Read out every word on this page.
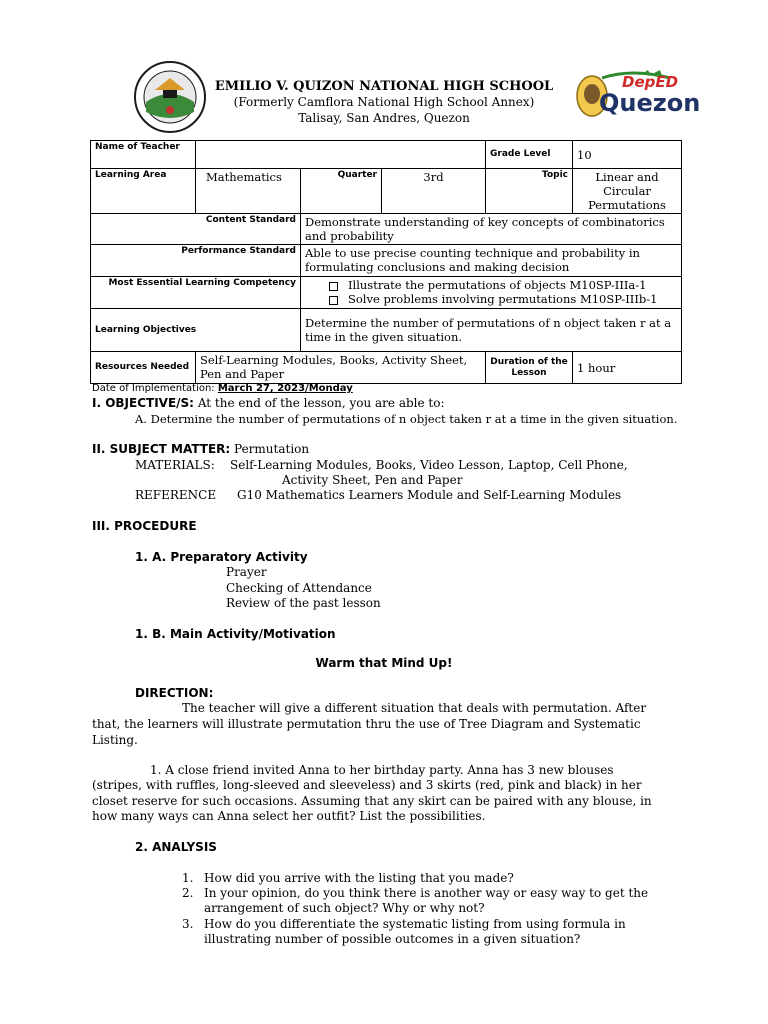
DepED
Quezon
EMILIO V. QUIZON NATIONAL HIGH SCHOOL
(Formerly Camflora National High School Annex)
Talisay, San Andres, Quezon
Name of Teacher				Grade Level	10
Learning Area	Mathematics	Quarter	3rd	Topic	Linear and Circular Permutations
Content Standard		Demonstrate understanding of key concepts of combinatorics and probability			
Performance Standard		Able to use precise counting technique and probability in formulating conclusions and making decision			
Most Essential Learning Competency		Illustrate the permutations of objects M10SP-IIIa-1
Solve problems involving permutations M10SP-IIIb-1			

Learning Objectives		Determine the number of permutations of n object taken r at a time in the given situation.			
Resources Needed	Self-Learning Modules, Books, Activity Sheet, Pen and Paper			Duration of the Lesson	1 hour
Date of Implementation: March 27, 2023/Monday
I. OBJECTIVE/S: At the end of the lesson, you are able to:
A. Determine the number of permutations of n object taken r at a time in the given situation.
II. SUBJECT MATTER: Permutation
MATERIALS: Self-Learning Modules, Books, Video Lesson, Laptop, Cell Phone,
Activity Sheet, Pen and Paper
REFERENCE G10 Mathematics Learners Module and Self-Learning Modules
III. PROCEDURE
1. A. Preparatory Activity
Prayer
Checking of Attendance
Review of the past lesson
1. B. Main Activity/Motivation
Warm that Mind Up!
DIRECTION:
The teacher will give a different situation that deals with permutation. After
that, the learners will illustrate permutation thru the use of Tree Diagram and Systematic
Listing.
1. A close friend invited Anna to her birthday party. Anna has 3 new blouses
(stripes, with ruffles, long-sleeved and sleeveless) and 3 skirts (red, pink and black) in her
closet reserve for such occasions. Assuming that any skirt can be paired with any blouse, in
how many ways can Anna select her outfit? List the possibilities.
2. ANALYSIS
1. How did you arrive with the listing that you made?
2. In your opinion, do you think there is another way or easy way to get the
arrangement of such object? Why or why not?
3. How do you differentiate the systematic listing from using formula in
illustrating number of possible outcomes in a given situation?
